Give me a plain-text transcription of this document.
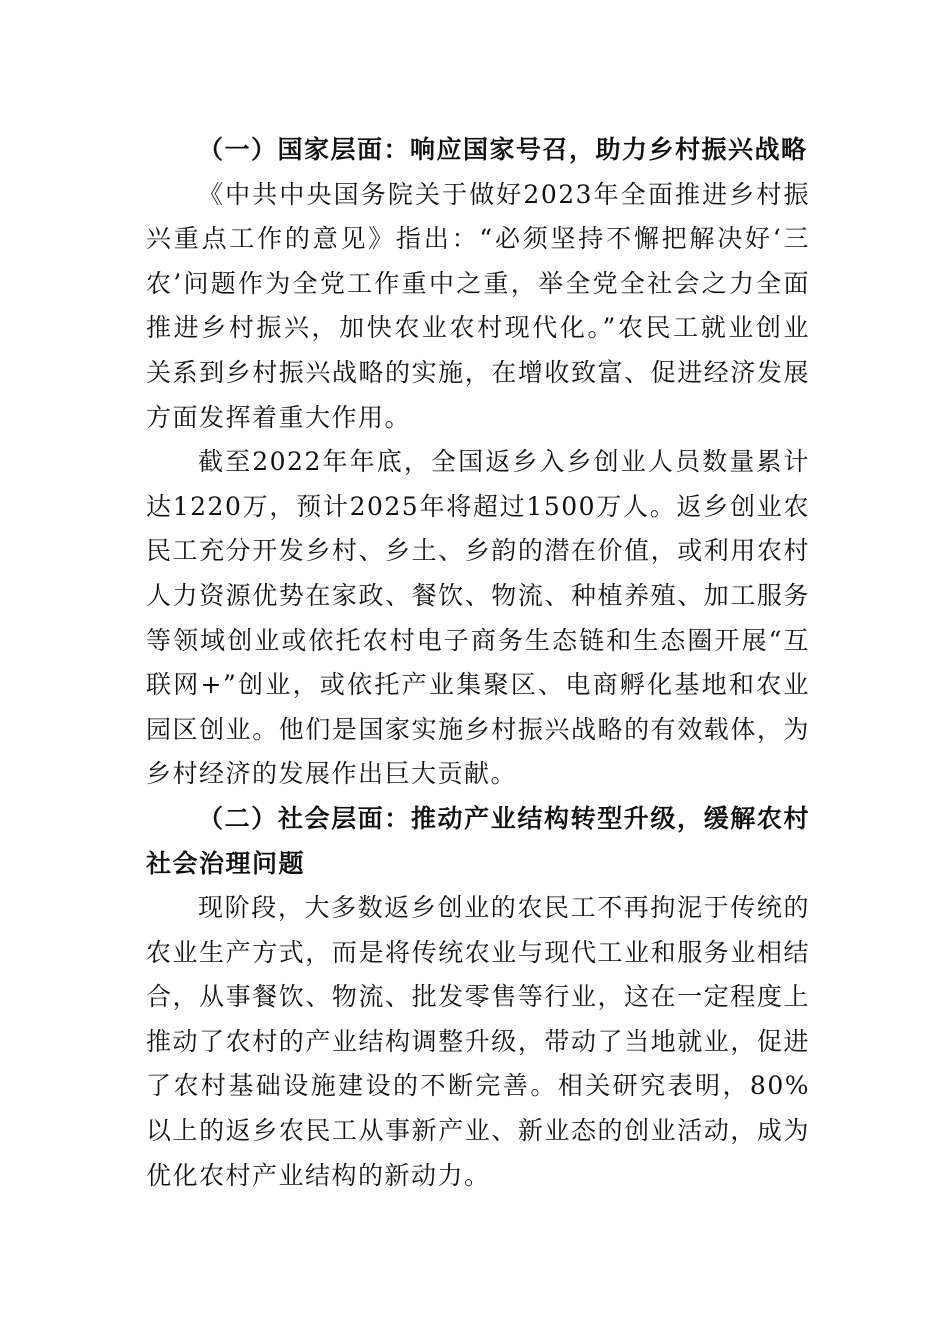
（一）国家层面：响应国家号召，助力乡村振兴战略

《中共中央国务院关于做好2023年全面推进乡村振兴重点工作的意见》指出：“必须坚持不懈把解决好‘三农’问题作为全党工作重中之重，举全党全社会之力全面推进乡村振兴，加快农业农村现代化。”农民工就业创业关系到乡村振兴战略的实施，在增收致富、促进经济发展方面发挥着重大作用。

截至2022年年底，全国返乡入乡创业人员数量累计达1220万，预计2025年将超过1500万人。返乡创业农民工充分开发乡村、乡土、乡韵的潜在价值，或利用农村人力资源优势在家政、餐饮、物流、种植养殖、加工服务等领域创业或依托农村电子商务生态链和生态圈开展“互联网+”创业，或依托产业集聚区、电商孵化基地和农业园区创业。他们是国家实施乡村振兴战略的有效载体，为乡村经济的发展作出巨大贡献。

（二）社会层面：推动产业结构转型升级，缓解农村社会治理问题

现阶段，大多数返乡创业的农民工不再拘泥于传统的农业生产方式，而是将传统农业与现代工业和服务业相结合，从事餐饮、物流、批发零售等行业，这在一定程度上推动了农村的产业结构调整升级，带动了当地就业，促进了农村基础设施建设的不断完善。相关研究表明，80%以上的返乡农民工从事新产业、新业态的创业活动，成为优化农村产业结构的新动力。
